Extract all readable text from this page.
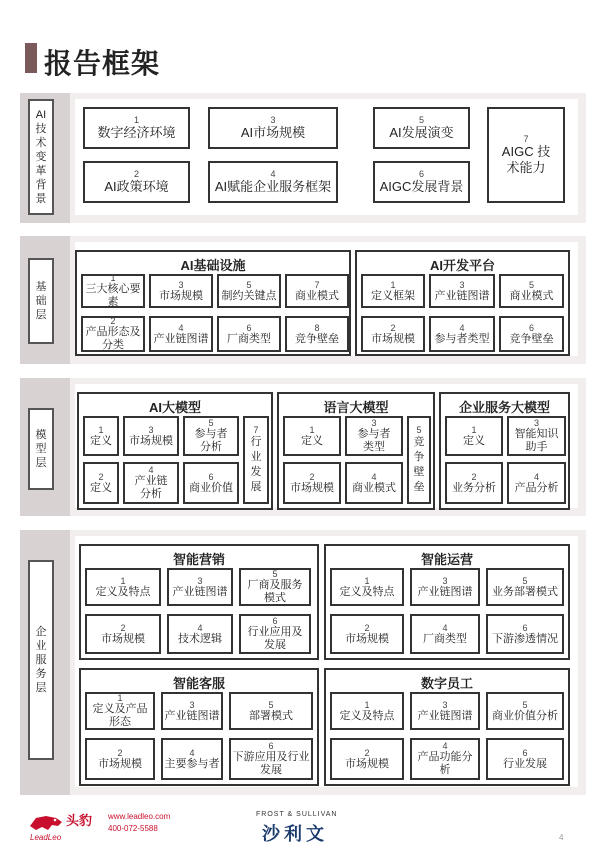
报告框架
AI
技
术
变
革
背
景
1
数字经济环境
2
AI政策环境
3
AI市场规模
4
AI赋能企业服务框架
5
AI发展演变
6
AIGC发展背景
7
AIGC 技术能力
基
础
层
AI基础设施
1
三大核心要素
3
市场规模
5
制约关键点
7
商业模式
2
产品形态及分类
4
产业链图谱
6
厂商类型
8
竞争壁垒
AI开发平台
1
定义框架
3
产业链图谱
5
商业模式
2
市场规模
4
参与者类型
6
竞争壁垒
模
型
层
AI大模型
1
定义
3
市场规模
5
参与者分析
7
行业发展
2
定义
4
产业链分析
6
商业价值
语言大模型
1
定义
3
参与者类型
5
竞争壁垒
2
市场规模
4
商业模式
企业服务大模型
1
定义
3
智能知识助手
2
业务分析
4
产品分析
企
业
服
务
层
智能营销
1
定义及特点
3
产业链图谱
5
厂商及服务模式
2
市场规模
4
技术逻辑
6
行业应用及发展
智能运营
1
定义及特点
3
产业链图谱
5
业务部署模式
2
市场规模
4
厂商类型
6
下游渗透情况
智能客服
1
定义及产品形态
3
产业链图谱
5
部署模式
2
市场规模
4
主要参与者
6
下游应用及行业发展
数字员工
1
定义及特点
3
产业链图谱
5
商业价值分析
2
市场规模
4
产品功能分析
6
行业发展
头豹
LeadLeo
www.leadleo.com
400-072-5588
FROST & SULLIVAN
沙利文	4
